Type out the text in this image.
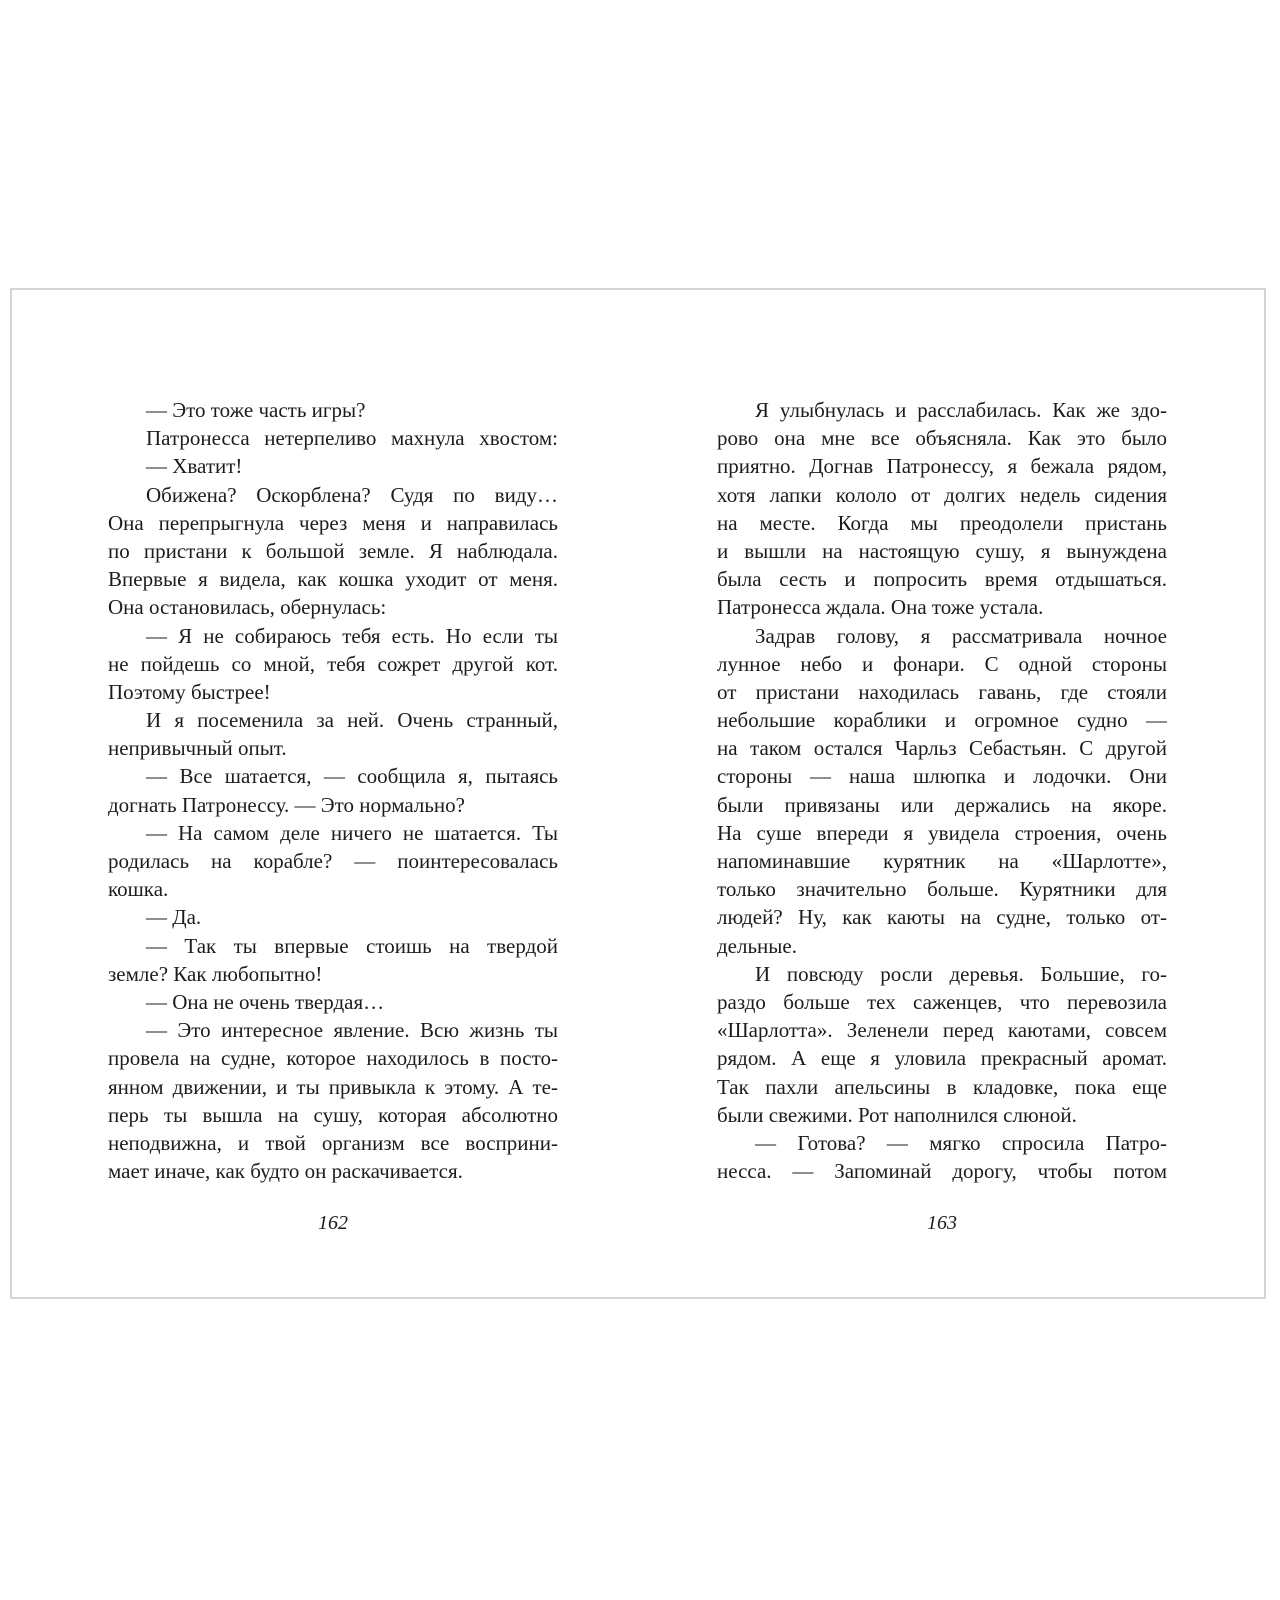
— Это тоже часть игры?
Патронесса нетерпеливо махнула хвостом:
— Хватит!
Обижена? Оскорблена? Судя по виду…
Она перепрыгнула через меня и направилась
по пристани к большой земле. Я наблюдала.
Впервые я видела, как кошка уходит от меня.
Она остановилась, обернулась:
— Я не собираюсь тебя есть. Но если ты
не пойдешь со мной, тебя сожрет другой кот.
Поэтому быстрее!
И я посеменила за ней. Очень странный,
непривычный опыт.
— Все шатается, — сообщила я, пытаясь
догнать Патронессу. — Это нормально?
— На самом деле ничего не шатается. Ты
родилась на корабле? — поинтересовалась
кошка.
— Да.
— Так ты впервые стоишь на твердой
земле? Как любопытно!
— Она не очень твердая…
— Это интересное явление. Всю жизнь ты
провела на судне, которое находилось в посто-
янном движении, и ты привыкла к этому. А те-
перь ты вышла на сушу, которая абсолютно
неподвижна, и твой организм все восприни-
мает иначе, как будто он раскачивается.
162
Я улыбнулась и расслабилась. Как же здо-
рово она мне все объясняла. Как это было
приятно. Догнав Патронессу, я бежала рядом,
хотя лапки кололо от долгих недель сидения
на месте. Когда мы преодолели пристань
и вышли на настоящую сушу, я вынуждена
была сесть и попросить время отдышаться.
Патронесса ждала. Она тоже устала.
Задрав голову, я рассматривала ночное
лунное небо и фонари. С одной стороны
от пристани находилась гавань, где стояли
небольшие кораблики и огромное судно —
на таком остался Чарльз Себастьян. С другой
стороны — наша шлюпка и лодочки. Они
были привязаны или держались на якоре.
На суше впереди я увидела строения, очень
напоминавшие курятник на «Шарлотте»,
только значительно больше. Курятники для
людей? Ну, как каюты на судне, только от-
дельные.
И повсюду росли деревья. Большие, го-
раздо больше тех саженцев, что перевозила
«Шарлотта». Зеленели перед каютами, совсем
рядом. А еще я уловила прекрасный аромат.
Так пахли апельсины в кладовке, пока еще
были свежими. Рот наполнился слюной.
— Готова? — мягко спросила Патро-
несса. — Запоминай дорогу, чтобы потом
163
